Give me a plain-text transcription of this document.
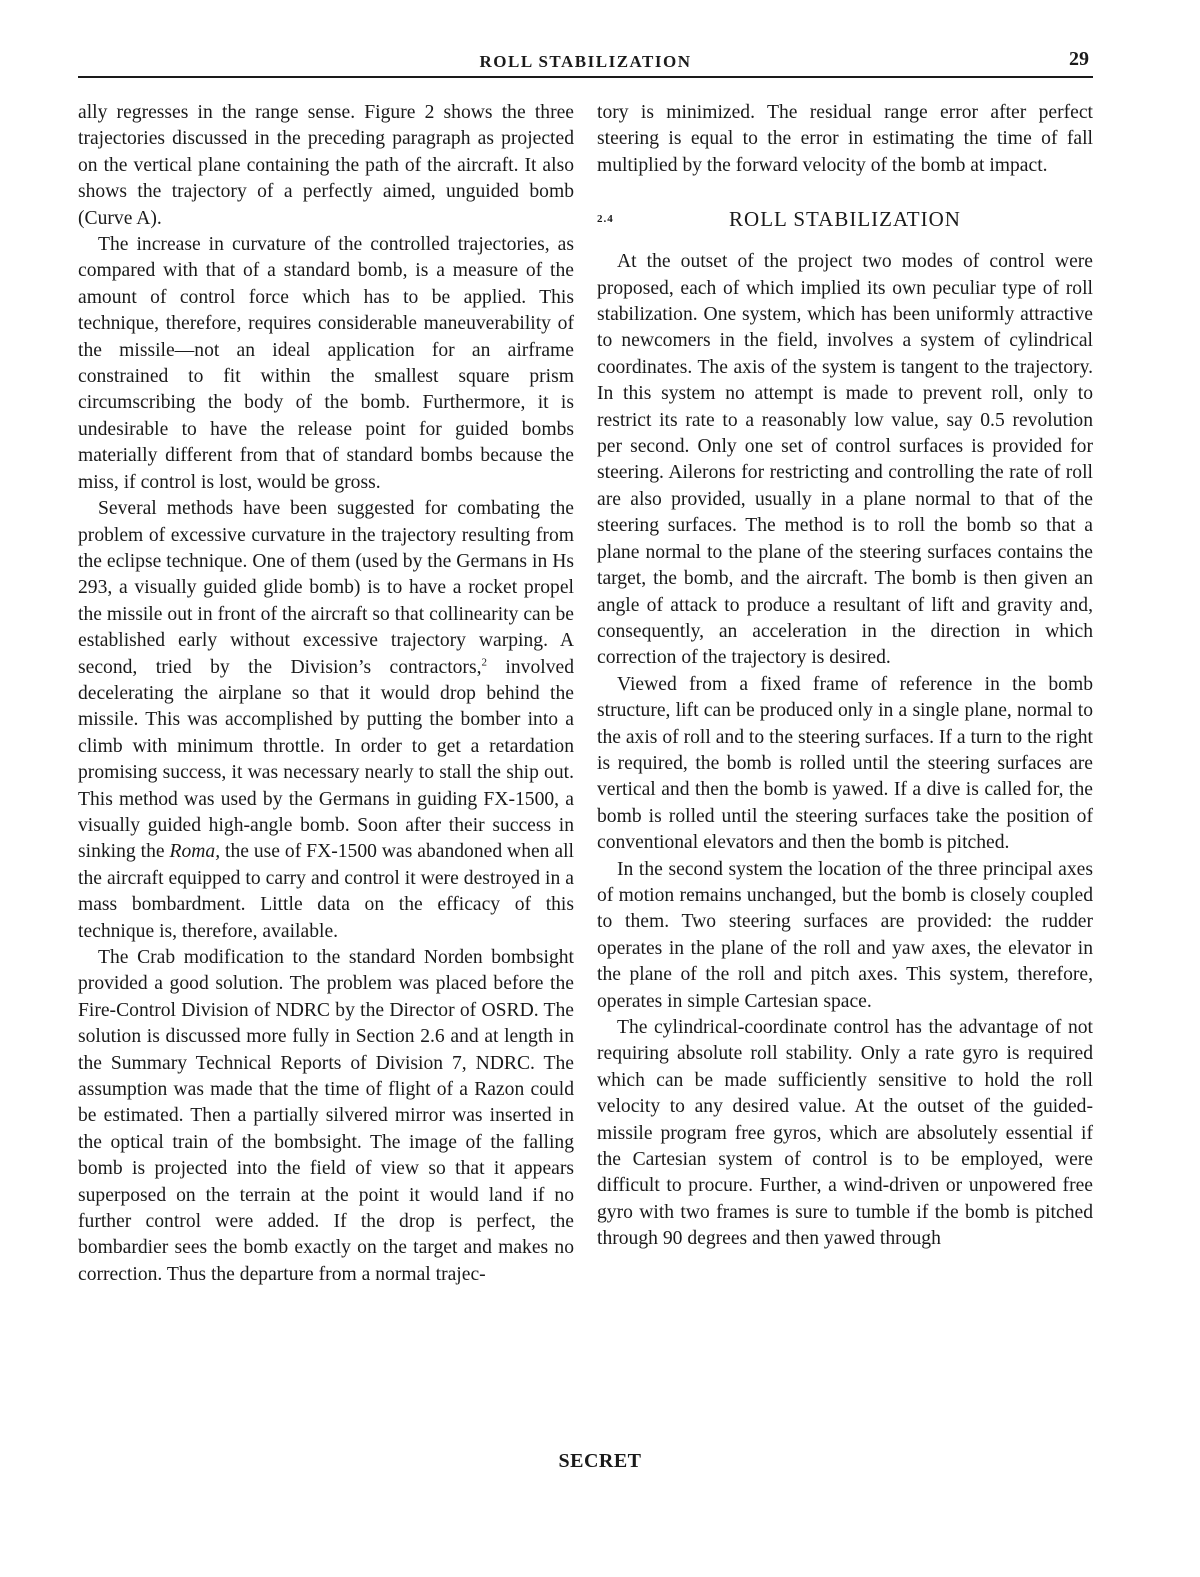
ROLL STABILIZATION	29

ally regresses in the range sense. Figure 2 shows the three trajectories discussed in the preceding paragraph as projected on the vertical plane containing the path of the aircraft. It also shows the trajectory of a perfectly aimed, unguided bomb (Curve A).

The increase in curvature of the controlled trajectories, as compared with that of a standard bomb, is a measure of the amount of control force which has to be applied. This technique, therefore, requires considerable maneuverability of the missile—not an ideal application for an airframe constrained to fit within the smallest square prism circumscribing the body of the bomb. Furthermore, it is undesirable to have the release point for guided bombs materially different from that of standard bombs because the miss, if control is lost, would be gross.

Several methods have been suggested for combating the problem of excessive curvature in the trajectory resulting from the eclipse technique. One of them (used by the Germans in Hs 293, a visually guided glide bomb) is to have a rocket propel the missile out in front of the aircraft so that collinearity can be established early without excessive trajectory warping. A second, tried by the Division’s contractors,$^2$ involved decelerating the airplane so that it would drop behind the missile. This was accomplished by putting the bomber into a climb with minimum throttle. In order to get a retardation promising success, it was necessary nearly to stall the ship out. This method was used by the Germans in guiding FX-1500, a visually guided high-angle bomb. Soon after their success in sinking the Roma, the use of FX-1500 was abandoned when all the aircraft equipped to carry and control it were destroyed in a mass bombardment. Little data on the efficacy of this technique is, therefore, available.

The Crab modification to the standard Norden bombsight provided a good solution. The problem was placed before the Fire-Control Division of NDRC by the Director of OSRD. The solution is discussed more fully in Section 2.6 and at length in the Summary Technical Reports of Division 7, NDRC. The assumption was made that the time of flight of a Razon could be estimated. Then a partially silvered mirror was inserted in the optical train of the bombsight. The image of the falling bomb is projected into the field of view so that it appears superposed on the terrain at the point it would land if no further control were added. If the drop is perfect, the bombardier sees the bomb exactly on the target and makes no correction. Thus the departure from a normal trajec-

tory is minimized. The residual range error after perfect steering is equal to the error in estimating the time of fall multiplied by the forward velocity of the bomb at impact.

2.4	ROLL STABILIZATION

At the outset of the project two modes of control were proposed, each of which implied its own peculiar type of roll stabilization. One system, which has been uniformly attractive to newcomers in the field, involves a system of cylindrical coordinates. The axis of the system is tangent to the trajectory. In this system no attempt is made to prevent roll, only to restrict its rate to a reasonably low value, say 0.5 revolution per second. Only one set of control surfaces is provided for steering. Ailerons for restricting and controlling the rate of roll are also provided, usually in a plane normal to that of the steering surfaces. The method is to roll the bomb so that a plane normal to the plane of the steering surfaces contains the target, the bomb, and the aircraft. The bomb is then given an angle of attack to produce a resultant of lift and gravity and, consequently, an acceleration in the direction in which correction of the trajectory is desired.

Viewed from a fixed frame of reference in the bomb structure, lift can be produced only in a single plane, normal to the axis of roll and to the steering surfaces. If a turn to the right is required, the bomb is rolled until the steering surfaces are vertical and then the bomb is yawed. If a dive is called for, the bomb is rolled until the steering surfaces take the position of conventional elevators and then the bomb is pitched.

In the second system the location of the three principal axes of motion remains unchanged, but the bomb is closely coupled to them. Two steering surfaces are provided: the rudder operates in the plane of the roll and yaw axes, the elevator in the plane of the roll and pitch axes. This system, therefore, operates in simple Cartesian space.

The cylindrical-coordinate control has the advantage of not requiring absolute roll stability. Only a rate gyro is required which can be made sufficiently sensitive to hold the roll velocity to any desired value. At the outset of the guided-missile program free gyros, which are absolutely essential if the Cartesian system of control is to be employed, were difficult to procure. Further, a wind-driven or unpowered free gyro with two frames is sure to tumble if the bomb is pitched through 90 degrees and then yawed through

SECRET
